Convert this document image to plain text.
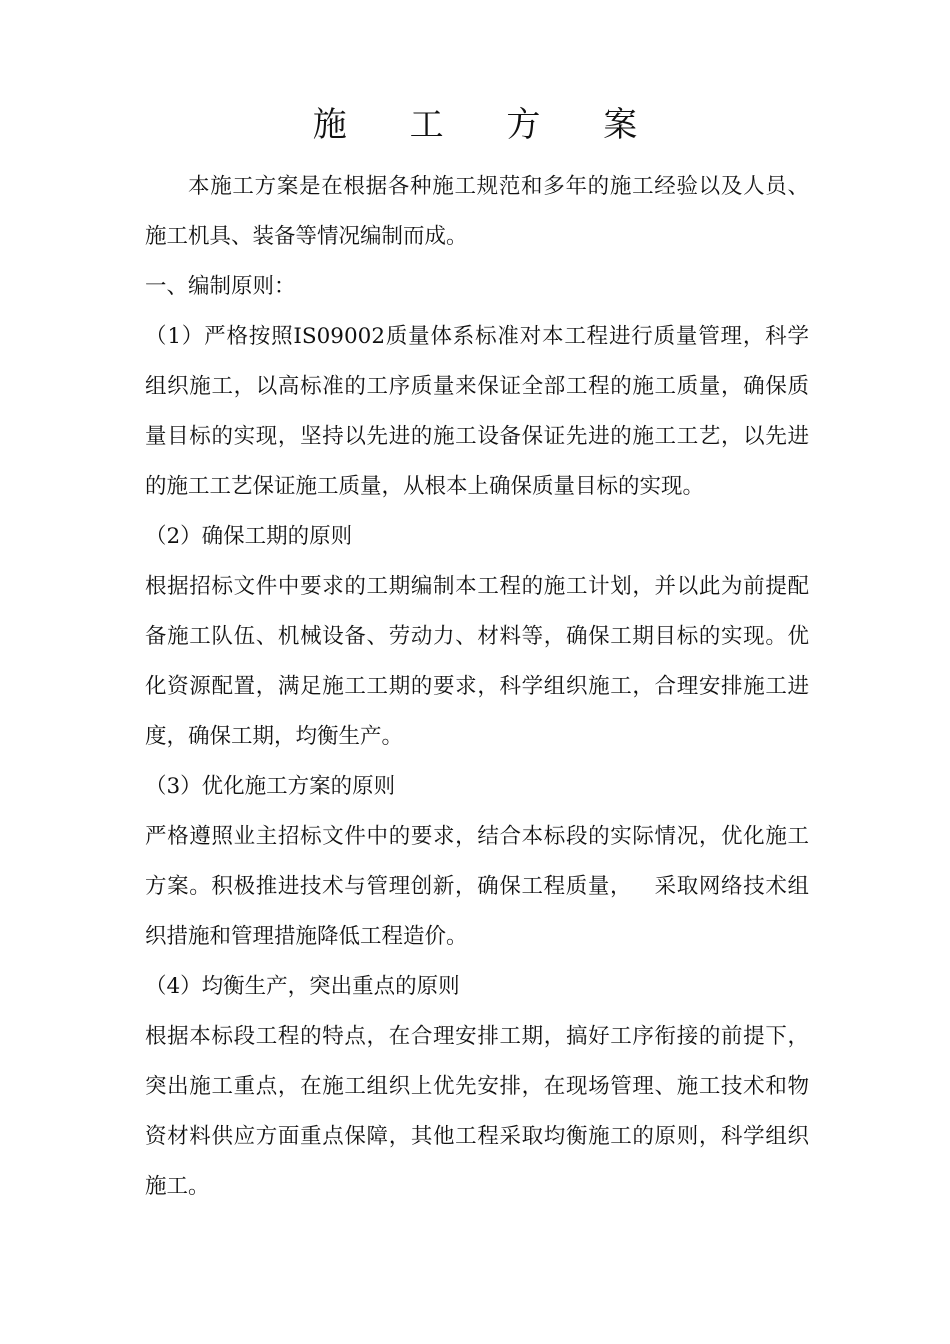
施 工 方 案

本施工方案是在根据各种施工规范和多年的施工经验以及人员、施工机具、装备等情况编制而成。

一、编制原则：

（1）严格按照IS09002质量体系标准对本工程进行质量管理，科学组织施工，以高标准的工序质量来保证全部工程的施工质量，确保质量目标的实现，坚持以先进的施工设备保证先进的施工工艺，以先进的施工工艺保证施工质量，从根本上确保质量目标的实现。

（2）确保工期的原则

根据招标文件中要求的工期编制本工程的施工计划，并以此为前提配备施工队伍、机械设备、劳动力、材料等，确保工期目标的实现。优化资源配置，满足施工工期的要求，科学组织施工，合理安排施工进度，确保工期，均衡生产。

（3）优化施工方案的原则

严格遵照业主招标文件中的要求，结合本标段的实际情况，优化施工方案。积极推进技术与管理创新，确保工程质量，   采取网络技术组织措施和管理措施降低工程造价。

（4）均衡生产，突出重点的原则

根据本标段工程的特点，在合理安排工期，搞好工序衔接的前提下，突出施工重点，在施工组织上优先安排，在现场管理、施工技术和物资材料供应方面重点保障，其他工程采取均衡施工的原则，科学组织施工。
